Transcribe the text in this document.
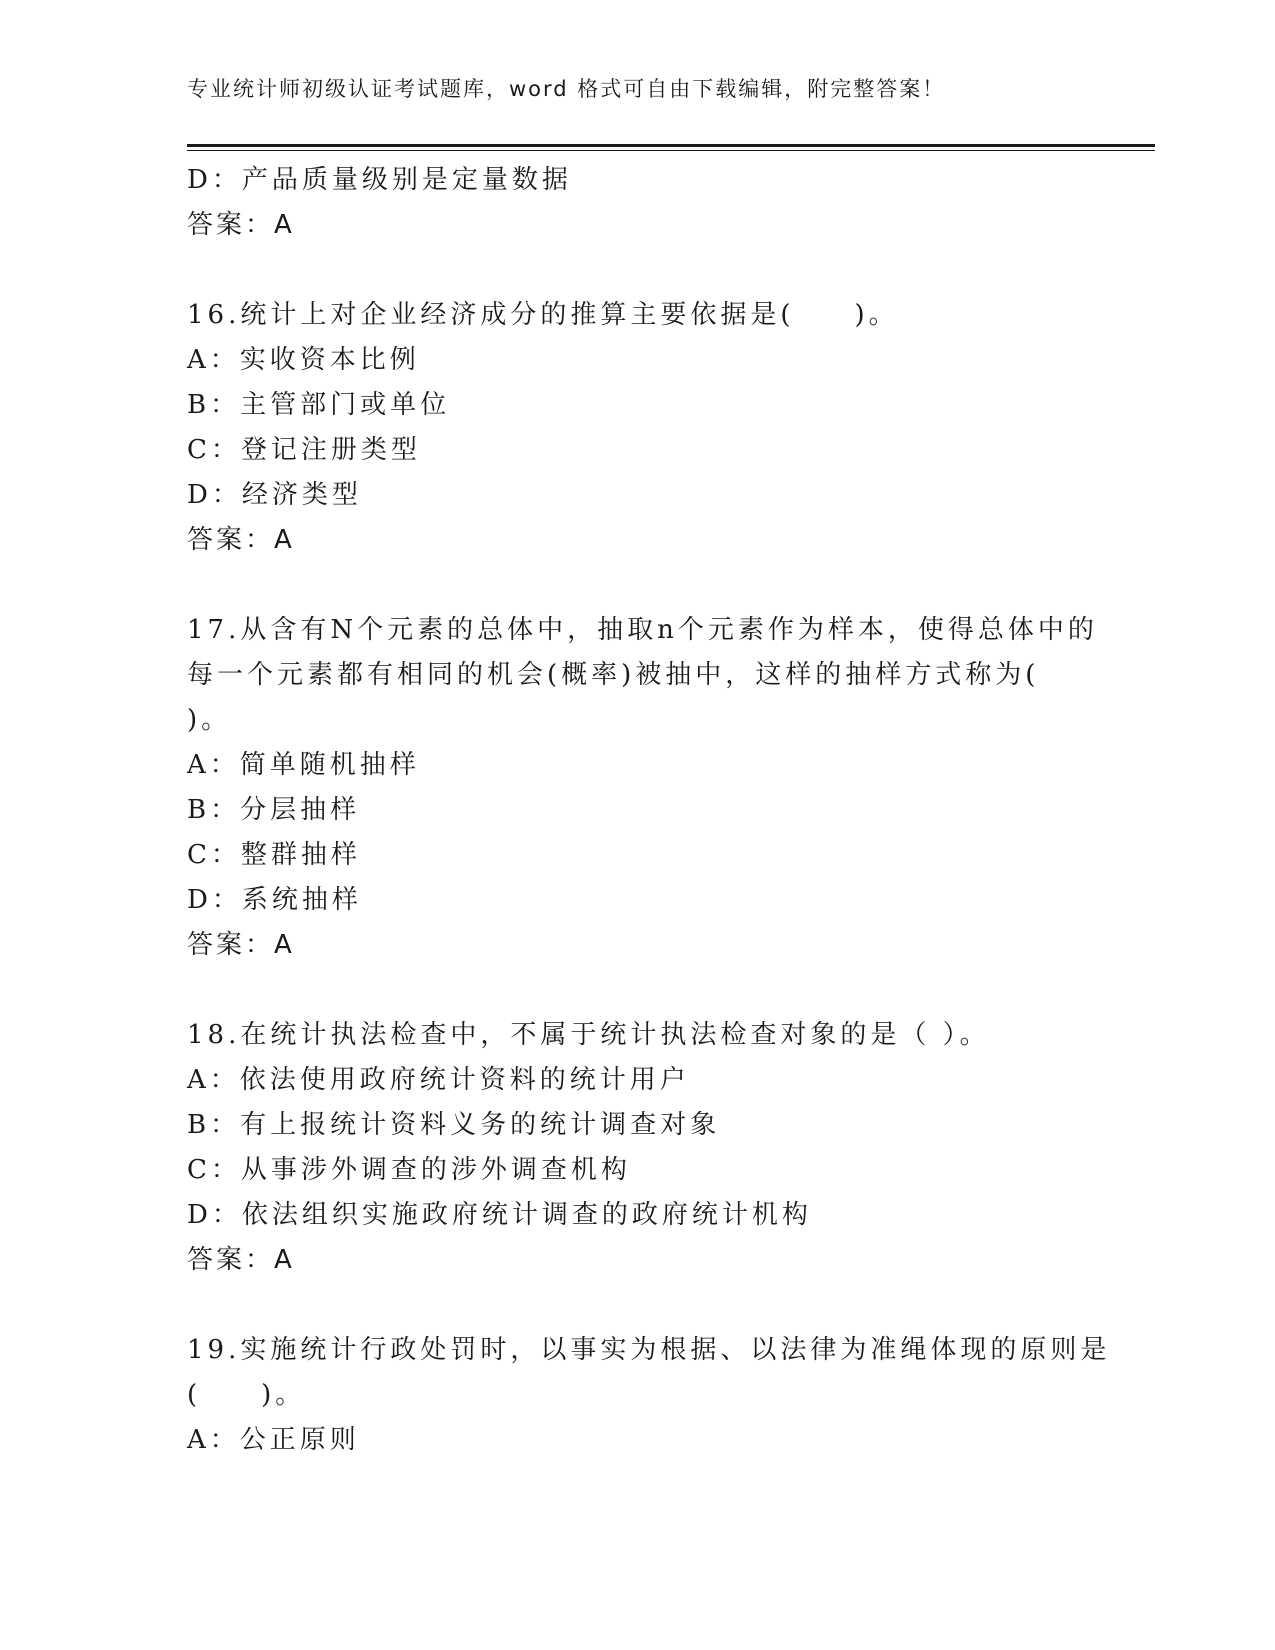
专业统计师初级认证考试题库，word 格式可自由下载编辑，附完整答案！
D：产品质量级别是定量数据
答案：A
16.统计上对企业经济成分的推算主要依据是(　　)。
A：实收资本比例
B：主管部门或单位
C：登记注册类型
D：经济类型
答案：A
17.从含有N个元素的总体中，抽取n个元素作为样本，使得总体中的
每一个元素都有相同的机会(概率)被抽中，这样的抽样方式称为(
)。
A：简单随机抽样
B：分层抽样
C：整群抽样
D：系统抽样
答案：A
18.在统计执法检查中，不属于统计执法检查对象的是（ ）。
A：依法使用政府统计资料的统计用户
B：有上报统计资料义务的统计调查对象
C：从事涉外调查的涉外调查机构
D：依法组织实施政府统计调查的政府统计机构
答案：A
19.实施统计行政处罚时，以事实为根据、以法律为准绳体现的原则是
(　　)。
A：公正原则
